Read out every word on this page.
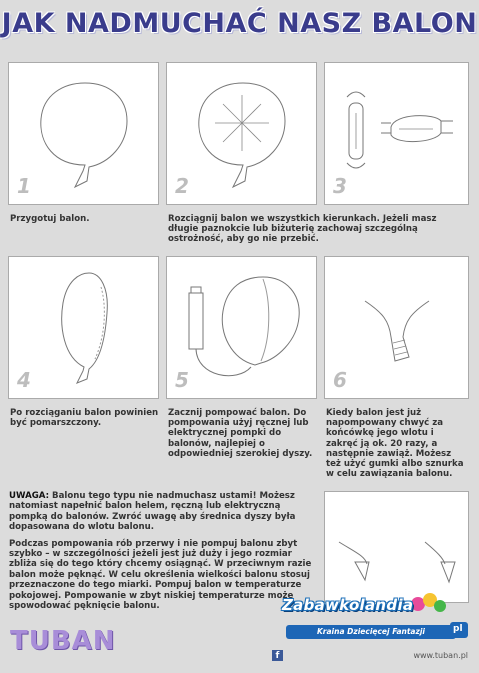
JAK NADMUCHAĆ NASZ BALON
1	2	3
Przygotuj balon.	Rozciągnij balon we wszystkich kierunkach. Jeżeli masz długie paznokcie lub biżuterię zachowaj szczególną ostrożność, aby go nie przebić.
4	5	6
Po rozciąganiu balon powinien być pomarszczony.
Zacznij pompować balon. Do pompowania użyj ręcznej lub elektrycznej pompki do balonów, najlepiej o odpowiedniej szerokiej dyszy.
Kiedy balon jest już napompowany chwyć za końcówkę jego wlotu i zakręć ją ok. 20 razy, a następnie zawiąż. Możesz też użyć gumki albo sznurka w celu zawiązania balonu.

UWAGA: Balonu tego typu nie nadmuchasz ustami! Możesz natomiast napełnić balon helem, ręczną lub elektryczną pompką do balonów. Zwróć uwagę aby średnica dyszy była dopasowana do wlotu balonu.

Podczas pompowania rób przerwy i nie pompuj balonu zbyt szybko – w szczególności jeżeli jest już duży i jego rozmiar zbliża się do tego który chcemy osiągnąć. W przeciwnym razie balon może pęknąć. W celu określenia wielkości balonu stosuj przeznaczone do tego miarki. Pompuj balon w temperaturze pokojowej. Pompowanie w zbyt niskiej temperaturze może spowodować pęknięcie balonu.

TUBAN
Zabawkolandia
Kraina Dziecięcej Fantazji	pl
f	www.tuban.pl
